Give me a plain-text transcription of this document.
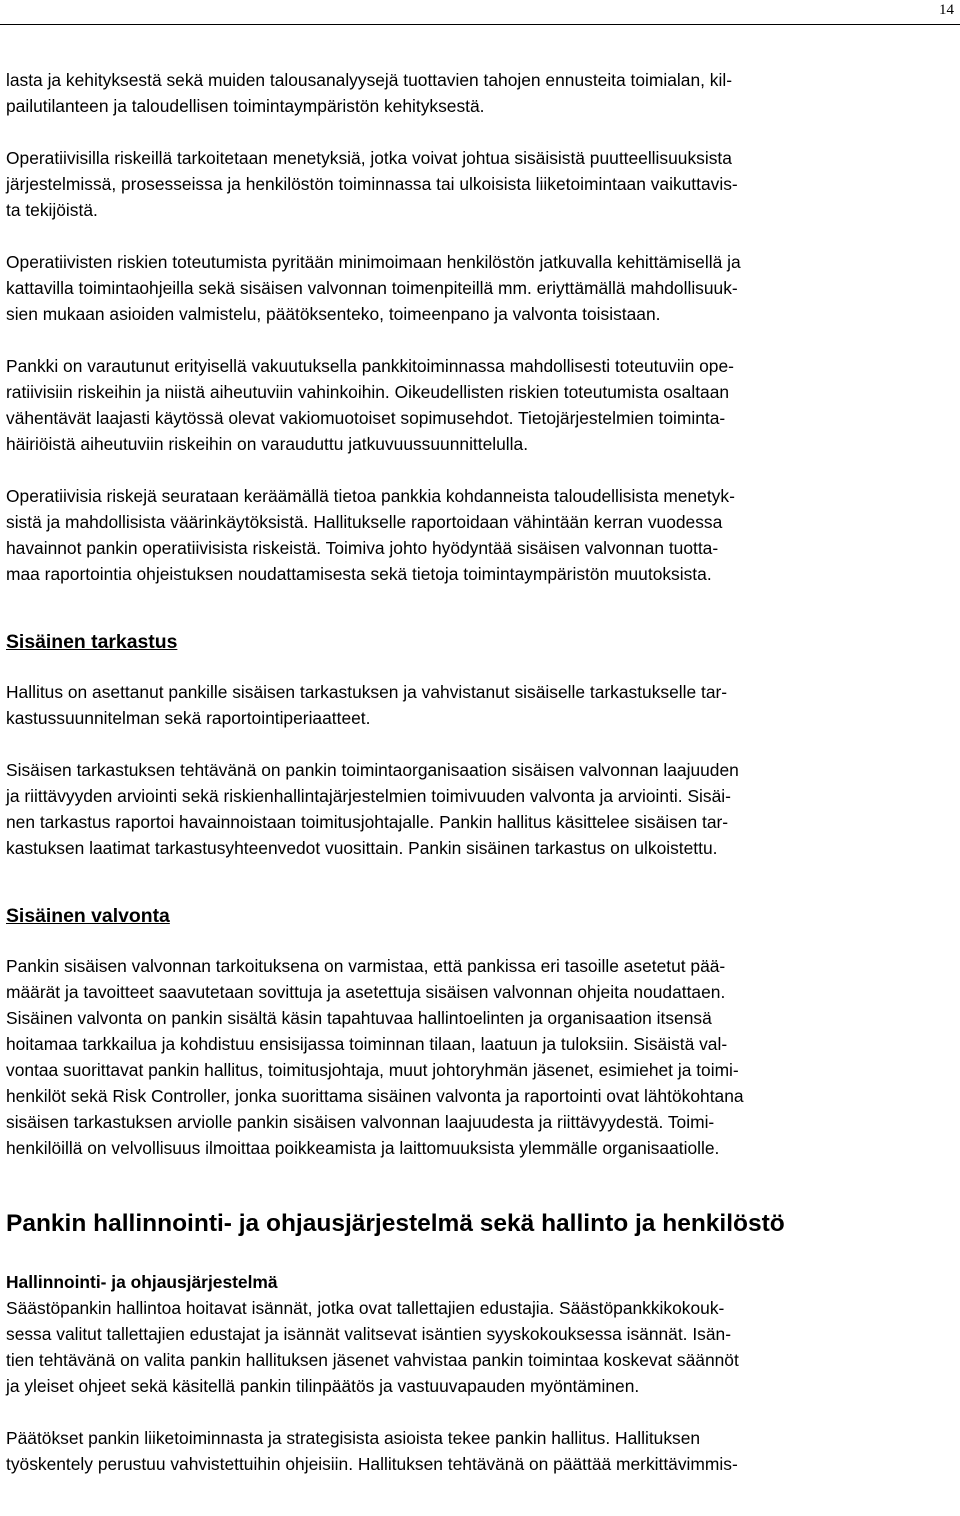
14

lasta ja kehityksestä sekä muiden talousanalyysejä tuottavien tahojen ennusteita toimialan, kil-
pailutilanteen ja taloudellisen toimintaympäristön kehityksestä.

Operatiivisilla riskeillä tarkoitetaan menetyksiä, jotka voivat johtua sisäisistä puutteellisuuksista
järjestelmissä, prosesseissa ja henkilöstön toiminnassa tai ulkoisista liiketoimintaan vaikuttavis-
ta tekijöistä.

Operatiivisten riskien toteutumista pyritään minimoimaan henkilöstön jatkuvalla kehittämisellä ja
kattavilla toimintaohjeilla sekä sisäisen valvonnan toimenpiteillä mm. eriyttämällä mahdollisuuk-
sien mukaan asioiden valmistelu, päätöksenteko, toimeenpano ja valvonta toisistaan.

Pankki on varautunut erityisellä vakuutuksella pankkitoiminnassa mahdollisesti toteutuviin ope-
ratiivisiin riskeihin ja niistä aiheutuviin vahinkoihin. Oikeudellisten riskien toteutumista osaltaan
vähentävät laajasti käytössä olevat vakiomuotoiset sopimusehdot. Tietojärjestelmien toiminta-
häiriöistä aiheutuviin riskeihin on varauduttu jatkuvuussuunnittelulla.

Operatiivisia riskejä seurataan keräämällä tietoa pankkia kohdanneista taloudellisista menetyk-
sistä ja mahdollisista väärinkäytöksistä. Hallitukselle raportoidaan vähintään kerran vuodessa
havainnot pankin operatiivisista riskeistä. Toimiva johto hyödyntää sisäisen valvonnan tuotta-
maa raportointia ohjeistuksen noudattamisesta sekä tietoja toimintaympäristön muutoksista.

Sisäinen tarkastus

Hallitus on asettanut pankille sisäisen tarkastuksen ja vahvistanut sisäiselle tarkastukselle tar-
kastussuunnitelman sekä raportointiperiaatteet.

Sisäisen tarkastuksen tehtävänä on pankin toimintaorganisaation sisäisen valvonnan laajuuden
ja riittävyyden arviointi sekä riskienhallintajärjestelmien toimivuuden valvonta ja arviointi. Sisäi-
nen tarkastus raportoi havainnoistaan toimitusjohtajalle. Pankin hallitus käsittelee sisäisen tar-
kastuksen laatimat tarkastusyhteenvedot vuosittain. Pankin sisäinen tarkastus on ulkoistettu.

Sisäinen valvonta

Pankin sisäisen valvonnan tarkoituksena on varmistaa, että pankissa eri tasoille asetetut pää-
määrät ja tavoitteet saavutetaan sovittuja ja asetettuja sisäisen valvonnan ohjeita noudattaen.
Sisäinen valvonta on pankin sisältä käsin tapahtuvaa hallintoelinten ja organisaation itsensä
hoitamaa tarkkailua ja kohdistuu ensisijassa toiminnan tilaan, laatuun ja tuloksiin. Sisäistä val-
vontaa suorittavat pankin hallitus, toimitusjohtaja, muut johtoryhmän jäsenet, esimiehet ja toimi-
henkilöt sekä Risk Controller, jonka suorittama sisäinen valvonta ja raportointi ovat lähtökohtana
sisäisen tarkastuksen arviolle pankin sisäisen valvonnan laajuudesta ja riittävyydestä. Toimi-
henkilöillä on velvollisuus ilmoittaa poikkeamista ja laittomuuksista ylemmälle organisaatiolle.

Pankin hallinnointi- ja ohjausjärjestelmä sekä hallinto ja henkilöstö
Hallinnointi- ja ohjausjärjestelmä

Säästöpankin hallintoa hoitavat isännät, jotka ovat tallettajien edustajia. Säästöpankkikokouk-
sessa valitut tallettajien edustajat ja isännät valitsevat isäntien syyskokouksessa isännät. Isän-
tien tehtävänä on valita pankin hallituksen jäsenet vahvistaa pankin toimintaa koskevat säännöt
ja yleiset ohjeet sekä käsitellä pankin tilinpäätös ja vastuuvapauden myöntäminen.

Päätökset pankin liiketoiminnasta ja strategisista asioista tekee pankin hallitus. Hallituksen
työskentely perustuu vahvistettuihin ohjeisiin. Hallituksen tehtävänä on päättää merkittävimmis-
